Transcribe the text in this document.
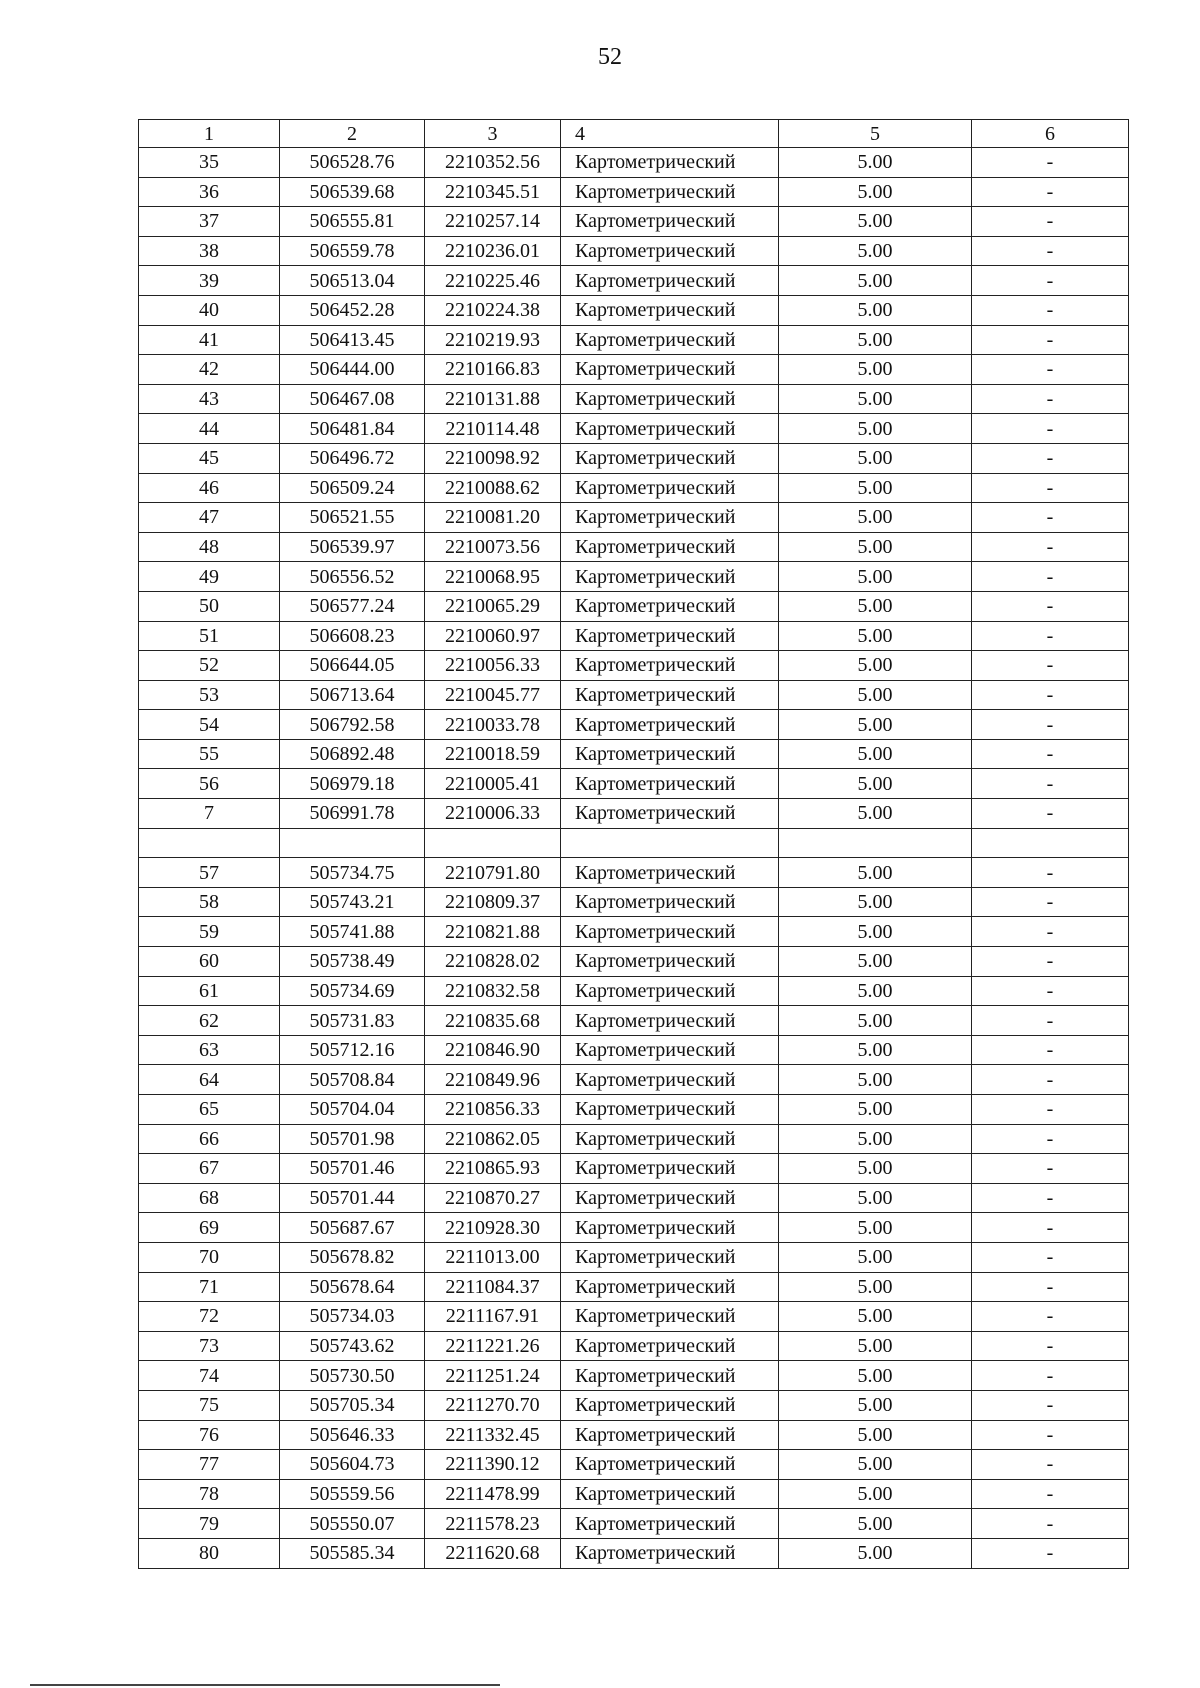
52
1	2	3	4	5	6
35	506528.76	2210352.56	Картометрический	5.00	-
36	506539.68	2210345.51	Картометрический	5.00	-
37	506555.81	2210257.14	Картометрический	5.00	-
38	506559.78	2210236.01	Картометрический	5.00	-
39	506513.04	2210225.46	Картометрический	5.00	-
40	506452.28	2210224.38	Картометрический	5.00	-
41	506413.45	2210219.93	Картометрический	5.00	-
42	506444.00	2210166.83	Картометрический	5.00	-
43	506467.08	2210131.88	Картометрический	5.00	-
44	506481.84	2210114.48	Картометрический	5.00	-
45	506496.72	2210098.92	Картометрический	5.00	-
46	506509.24	2210088.62	Картометрический	5.00	-
47	506521.55	2210081.20	Картометрический	5.00	-
48	506539.97	2210073.56	Картометрический	5.00	-
49	506556.52	2210068.95	Картометрический	5.00	-
50	506577.24	2210065.29	Картометрический	5.00	-
51	506608.23	2210060.97	Картометрический	5.00	-
52	506644.05	2210056.33	Картометрический	5.00	-
53	506713.64	2210045.77	Картометрический	5.00	-
54	506792.58	2210033.78	Картометрический	5.00	-
55	506892.48	2210018.59	Картометрический	5.00	-
56	506979.18	2210005.41	Картометрический	5.00	-
7	506991.78	2210006.33	Картометрический	5.00	-

57	505734.75	2210791.80	Картометрический	5.00	-
58	505743.21	2210809.37	Картометрический	5.00	-
59	505741.88	2210821.88	Картометрический	5.00	-
60	505738.49	2210828.02	Картометрический	5.00	-
61	505734.69	2210832.58	Картометрический	5.00	-
62	505731.83	2210835.68	Картометрический	5.00	-
63	505712.16	2210846.90	Картометрический	5.00	-
64	505708.84	2210849.96	Картометрический	5.00	-
65	505704.04	2210856.33	Картометрический	5.00	-
66	505701.98	2210862.05	Картометрический	5.00	-
67	505701.46	2210865.93	Картометрический	5.00	-
68	505701.44	2210870.27	Картометрический	5.00	-
69	505687.67	2210928.30	Картометрический	5.00	-
70	505678.82	2211013.00	Картометрический	5.00	-
71	505678.64	2211084.37	Картометрический	5.00	-
72	505734.03	2211167.91	Картометрический	5.00	-
73	505743.62	2211221.26	Картометрический	5.00	-
74	505730.50	2211251.24	Картометрический	5.00	-
75	505705.34	2211270.70	Картометрический	5.00	-
76	505646.33	2211332.45	Картометрический	5.00	-
77	505604.73	2211390.12	Картометрический	5.00	-
78	505559.56	2211478.99	Картометрический	5.00	-
79	505550.07	2211578.23	Картометрический	5.00	-
80	505585.34	2211620.68	Картометрический	5.00	-
